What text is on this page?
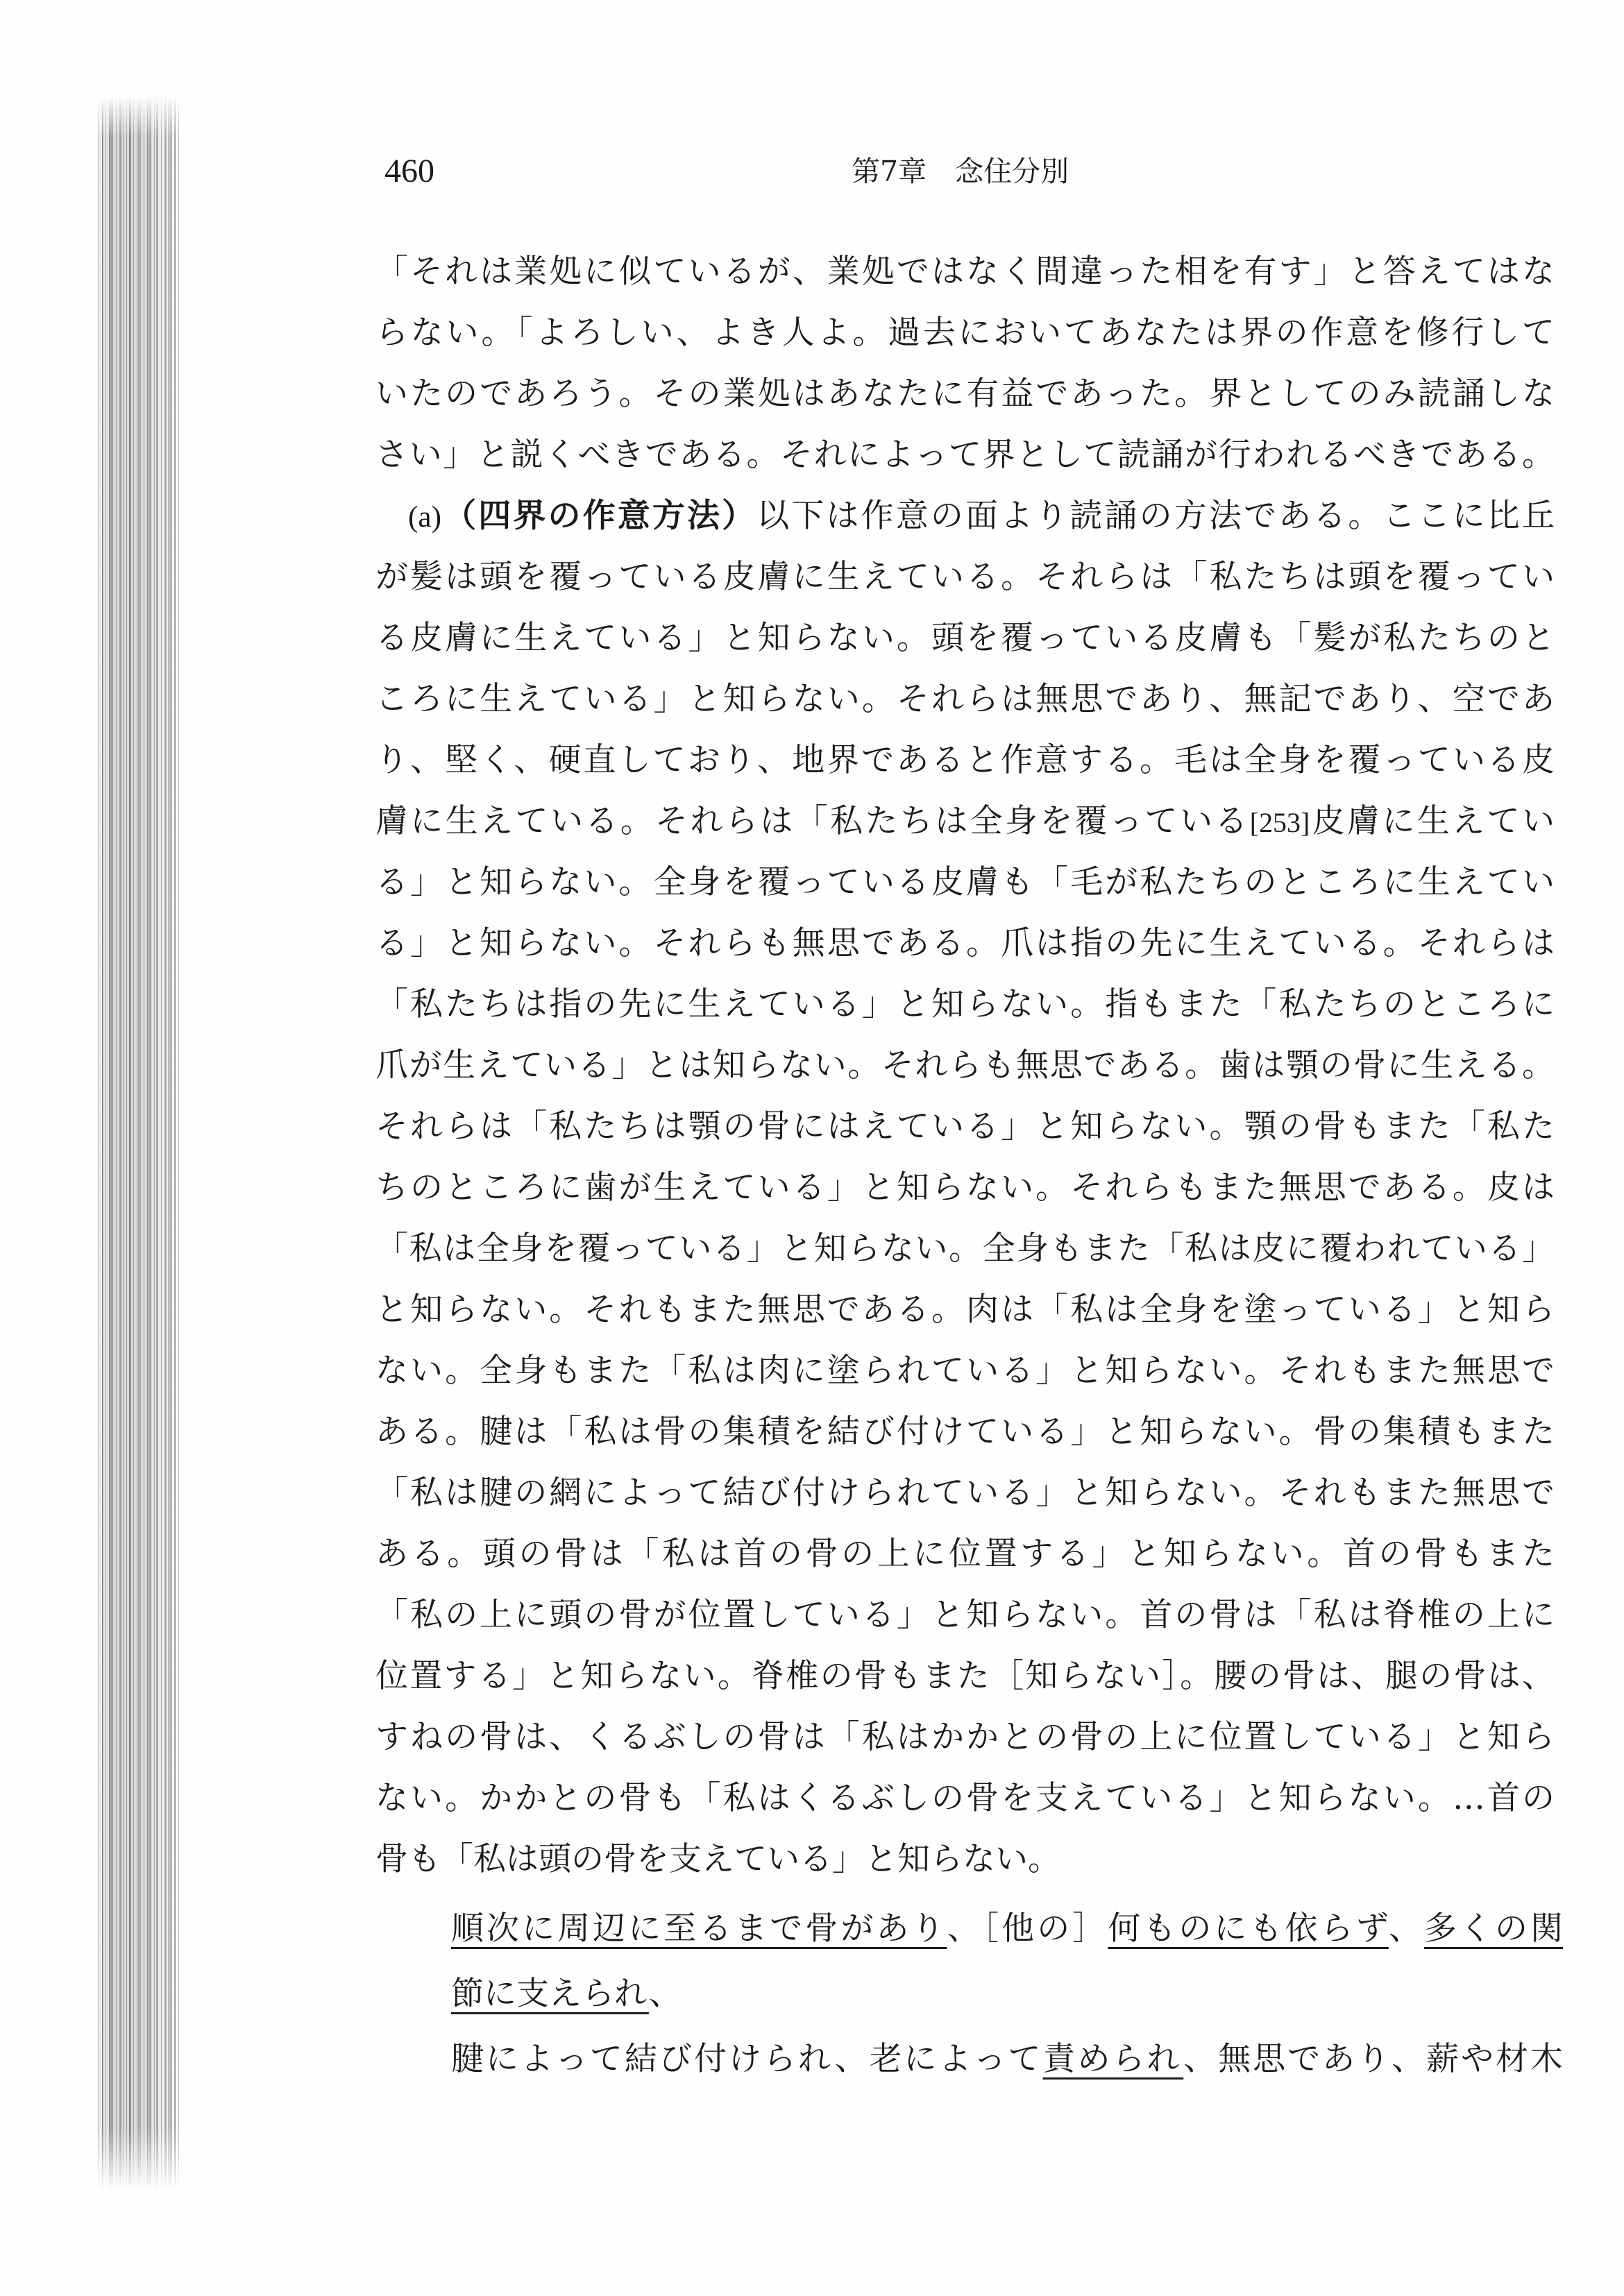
460	第7章　念住分別
「それは業処に似ているが、業処ではなく間違った相を有す」と答えてはな
らない。「よろしい、よき人よ。過去においてあなたは界の作意を修行して
いたのであろう。その業処はあなたに有益であった。界としてのみ読誦しな
さい」と説くべきである。それによって界として読誦が行われるべきである。
(a)（四界の作意方法）以下は作意の面より読誦の方法である。ここに比丘
が髪は頭を覆っている皮膚に生えている。それらは「私たちは頭を覆ってい
る皮膚に生えている」と知らない。頭を覆っている皮膚も「髪が私たちのと
ころに生えている」と知らない。それらは無思であり、無記であり、空であ
り、堅く、硬直しており、地界であると作意する。毛は全身を覆っている皮
膚に生えている。それらは「私たちは全身を覆っている[253]皮膚に生えてい
る」と知らない。全身を覆っている皮膚も「毛が私たちのところに生えてい
る」と知らない。それらも無思である。爪は指の先に生えている。それらは
「私たちは指の先に生えている」と知らない。指もまた「私たちのところに
爪が生えている」とは知らない。それらも無思である。歯は顎の骨に生える。
それらは「私たちは顎の骨にはえている」と知らない。顎の骨もまた「私た
ちのところに歯が生えている」と知らない。それらもまた無思である。皮は
「私は全身を覆っている」と知らない。全身もまた「私は皮に覆われている」
と知らない。それもまた無思である。肉は「私は全身を塗っている」と知ら
ない。全身もまた「私は肉に塗られている」と知らない。それもまた無思で
ある。腱は「私は骨の集積を結び付けている」と知らない。骨の集積もまた
「私は腱の網によって結び付けられている」と知らない。それもまた無思で
ある。頭の骨は「私は首の骨の上に位置する」と知らない。首の骨もまた
「私の上に頭の骨が位置している」と知らない。首の骨は「私は脊椎の上に
位置する」と知らない。脊椎の骨もまた［知らない］。腰の骨は、腿の骨は、
すねの骨は、くるぶしの骨は「私はかかとの骨の上に位置している」と知ら
ない。かかとの骨も「私はくるぶしの骨を支えている」と知らない。…首の
骨も「私は頭の骨を支えている」と知らない。
順次に周辺に至るまで骨があり、［他の］何ものにも依らず、多くの関
節に支えられ、
腱によって結び付けられ、老によって責められ、無思であり、薪や材木
